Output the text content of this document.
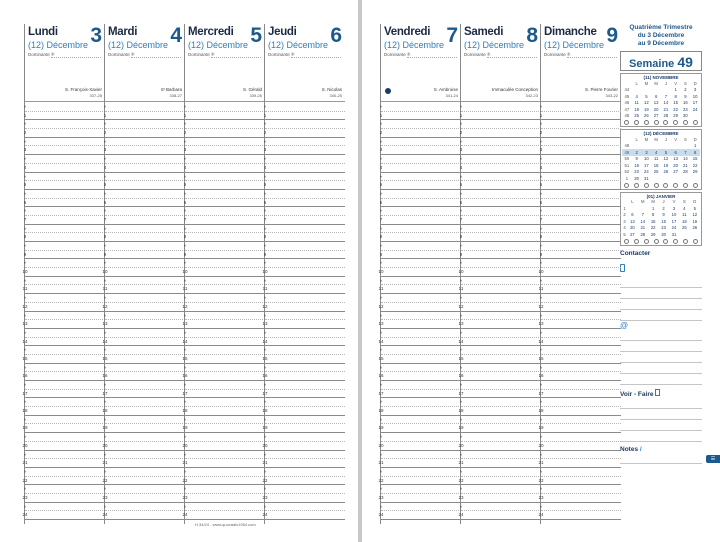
Lundi 3
(12) Décembre
Dominante ®
S. François-Xavier
337-28
»
1
»
2
»
3
»
4
»
5
»
6
»
7
»
8
»
9
»
10
»
11
»
12
»
13
»
14
»
15
»
16
»
17
»
18
»
19
»
20
»
21
»
22
»
23
»
24
Mardi 4
(12) Décembre
Dominante ®
Sᵗ Barbara
338-27
»
1
»
2
»
3
»
4
»
5
»
6
»
7
»
8
»
9
»
10
»
11
»
12
»
13
»
14
»
15
»
16
»
17
»
18
»
19
»
20
»
21
»
22
»
23
»
24
Mercredi 5
(12) Décembre
Dominante ®
S. Gérald
339-26
»
1
»
2
»
3
»
4
»
5
»
6
»
7
»
8
»
9
»
10
»
11
»
12
»
13
»
14
»
15
»
16
»
17
»
18
»
19
»
20
»
21
»
22
»
23
»
24
Jeudi 6
(12) Décembre
Dominante ®
S. Nicolas
340-25
»
1
»
2
»
3
»
4
»
5
»
6
»
7
»
8
»
9
»
10
»
11
»
12
»
13
»
14
»
15
»
16
»
17
»
18
»
19
»
20
»
21
»
22
»
23
»
24
Quatrième Trimestre
du 3 Décembre
au 9 Décembre
Semaine 49
(11) NOVEMBRE
	L	M	M	J	V	S	D
44					1	2	3
45	4	5	6	7	8	9	10
46	11	12	13	14	15	16	17
47	18	19	20	21	22	23	24
48	25	26	27	28	29	30	
(12) DÉCEMBRE
	L	M	M	J	V	S	D
48							1
49	2	3	4	5	6	7	8
50	9	10	11	12	13	14	15
51	16	17	18	19	20	21	22
52	23	24	25	26	27	28	29
1	30	31					
(01) JANVIER
	L	M	M	J	V	S	D
1			1	2	3	4	5
2	6	7	8	9	10	11	12
3	13	14	15	16	17	18	19
4	20	21	22	23	24	25	26
5	27	28	29	30	31		
Contacter
@
Voir - Faire
Notes /
☰
Vendredi 7
(12) Décembre
Dominante ®
S. Ambroise
341-24
»
1
»
2
»
3
»
4
»
5
»
6
»
7
»
8
»
9
»
10
»
11
»
12
»
13
»
14
»
15
»
16
»
17
»
18
»
19
»
20
»
21
»
22
»
23
»
24
Samedi 8
(12) Décembre
Dominante ®
Immaculée Conception
342-23
»
1
»
2
»
3
»
4
»
5
»
6
»
7
»
8
»
9
»
10
»
11
»
12
»
13
»
14
»
15
»
16
»
17
»
18
»
19
»
20
»
21
»
22
»
23
»
24
Dimanche 9
(12) Décembre
Dominante ®
S. Pierre Fourier
343-22
»
1
»
2
»
3
»
4
»
5
»
6
»
7
»
8
»
9
»
10
»
11
»
12
»
13
»
14
»
15
»
16
»
17
»
18
»
19
»
20
»
21
»
22
»
23
»
24
H.34/24 - www.quovadis1954.com
